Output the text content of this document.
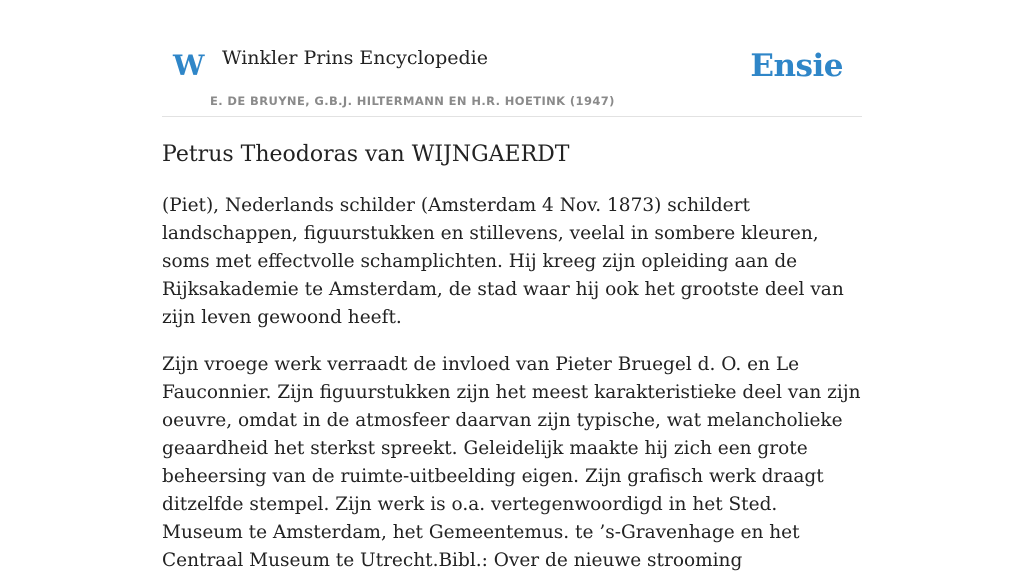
W Winkler Prins Encyclopedie
E. DE BRUYNE, G.B.J. HILTERMANN EN H.R. HOETINK (1947)
Ensie
Petrus Theodoras van WIJNGAERDT

(Piet), Nederlands schilder (Amsterdam 4 Nov. 1873) schildert landschappen, figuurstukken en stillevens, veelal in sombere kleuren, soms met effectvolle schamplichten. Hij kreeg zijn opleiding aan de Rijksakademie te Amsterdam, de stad waar hij ook het grootste deel van zijn leven gewoond heeft.

Zijn vroege werk verraadt de invloed van Pieter Bruegel d. O. en Le Fauconnier. Zijn figuurstukken zijn het meest karakteristieke deel van zijn oeuvre, omdat in de atmosfeer daarvan zijn typische, wat melancholieke geaardheid het sterkst spreekt. Geleidelijk maakte hij zich een grote beheersing van de ruimte-uitbeelding eigen. Zijn grafisch werk draagt ditzelfde stempel. Zijn werk is o.a. vertegenwoordigd in het Sted. Museum te Amsterdam, het Gemeentemus. te ’s-Gravenhage en het Centraal Museum te Utrecht.Bibl.: Over de nieuwe strooming
